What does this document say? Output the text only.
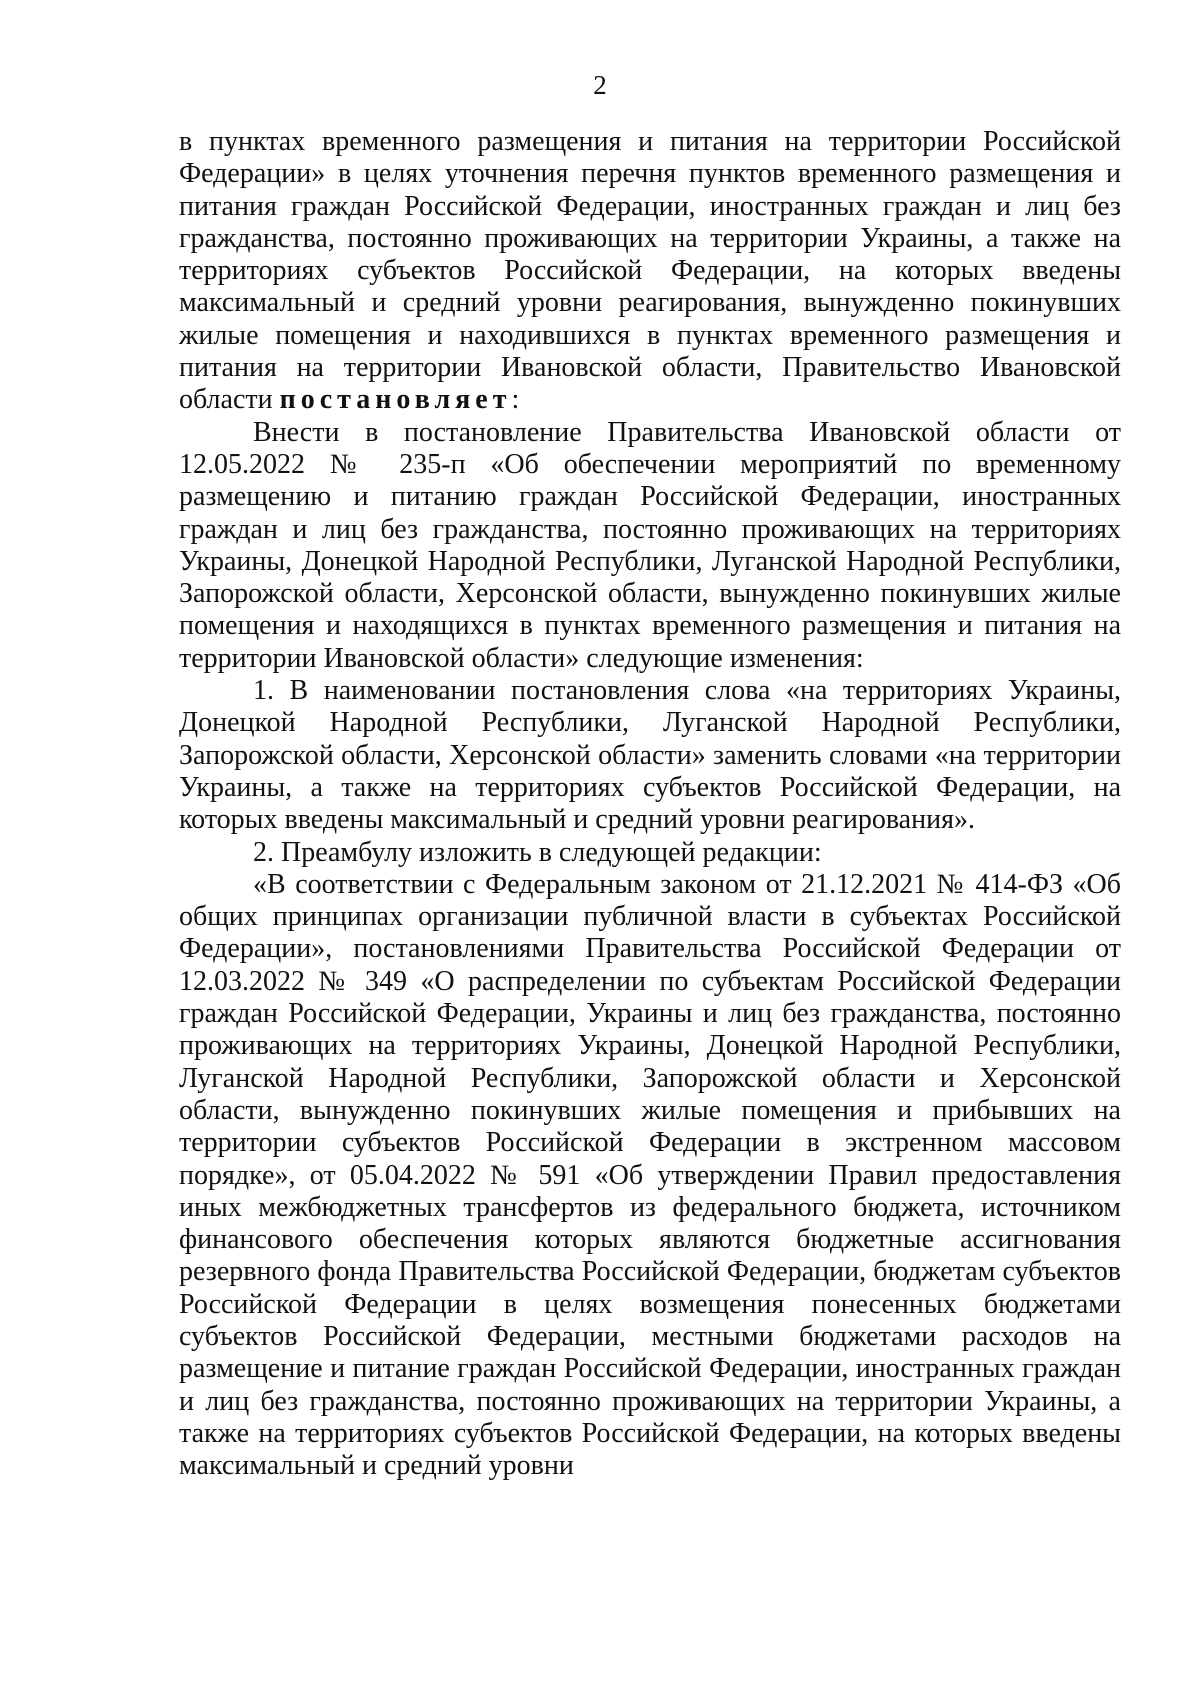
2

в пунктах временного размещения и питания на территории Российской Федерации» в целях уточнения перечня пунктов временного размещения и питания граждан Российской Федерации, иностранных граждан и лиц без гражданства, постоянно проживающих на территории Украины, а также на территориях субъектов Российской Федерации, на которых введены максимальный и средний уровни реагирования, вынужденно покинувших жилые помещения и находившихся в пунктах временного размещения и питания на территории Ивановской области, Правительство Ивановской области постановляет:

Внести в постановление Правительства Ивановской области от 12.05.2022 № 235-п «Об обеспечении мероприятий по временному размещению и питанию граждан Российской Федерации, иностранных граждан и лиц без гражданства, постоянно проживающих на территориях Украины, Донецкой Народной Республики, Луганской Народной Республики, Запорожской области, Херсонской области, вынужденно покинувших жилые помещения и находящихся в пунктах временного размещения и питания на территории Ивановской области» следующие изменения:

1. В наименовании постановления слова «на территориях Украины, Донецкой Народной Республики, Луганской Народной Республики, Запорожской области, Херсонской области» заменить словами «на территории Украины, а также на территориях субъектов Российской Федерации, на которых введены максимальный и средний уровни реагирования».

2. Преамбулу изложить в следующей редакции:

«В соответствии с Федеральным законом от 21.12.2021 № 414-ФЗ «Об общих принципах организации публичной власти в субъектах Российской Федерации», постановлениями Правительства Российской Федерации от 12.03.2022 № 349 «О распределении по субъектам Российской Федерации граждан Российской Федерации, Украины и лиц без гражданства, постоянно проживающих на территориях Украины, Донецкой Народной Республики, Луганской Народной Республики, Запорожской области и Херсонской области, вынужденно покинувших жилые помещения и прибывших на территории субъектов Российской Федерации в экстренном массовом порядке», от 05.04.2022 № 591 «Об утверждении Правил предоставления иных межбюджетных трансфертов из федерального бюджета, источником финансового обеспечения которых являются бюджетные ассигнования резервного фонда Правительства Российской Федерации, бюджетам субъектов Российской Федерации в целях возмещения понесенных бюджетами субъектов Российской Федерации, местными бюджетами расходов на размещение и питание граждан Российской Федерации, иностранных граждан и лиц без гражданства, постоянно проживающих на территории Украины, а также на территориях субъектов Российской Федерации, на которых введены максимальный и средний уровни
